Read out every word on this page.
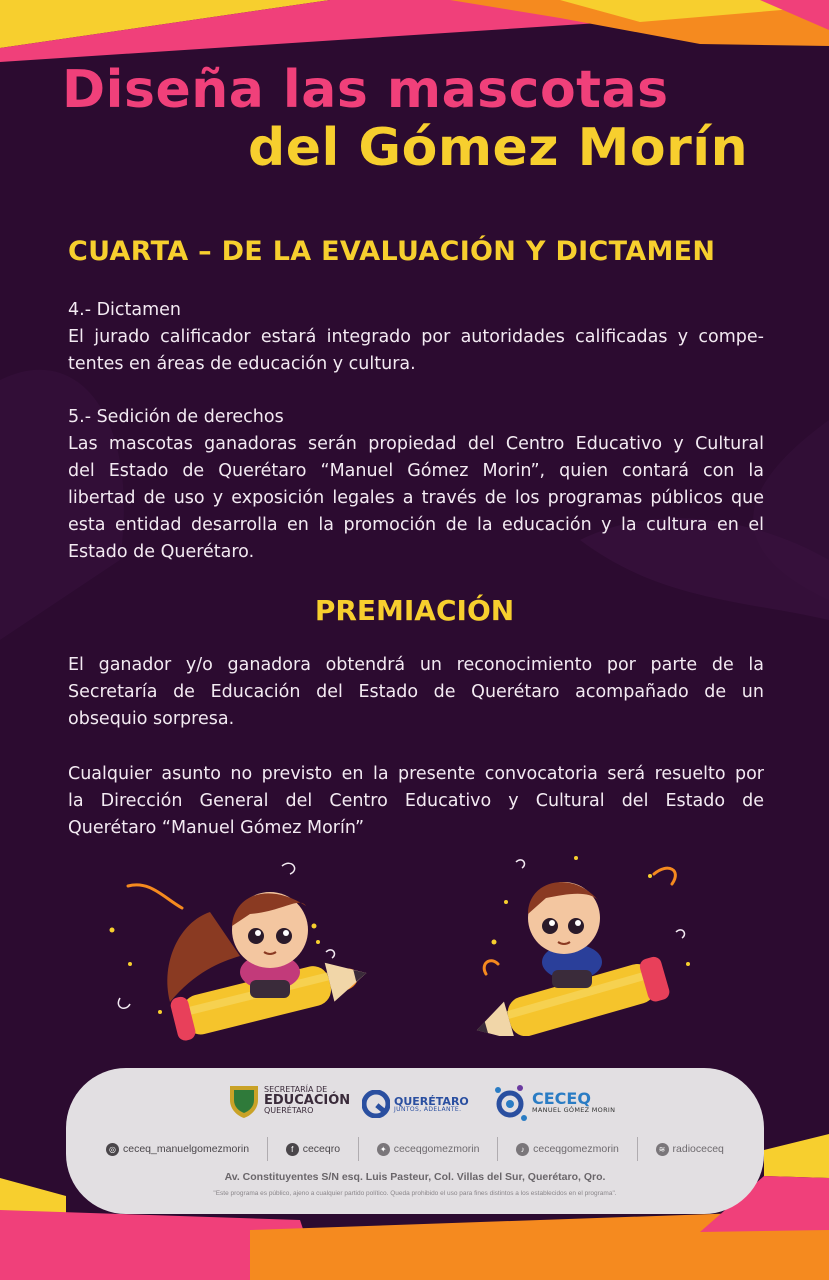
Diseña las mascotas
del Gómez Morín
CUARTA – DE LA EVALUACIÓN Y DICTAMEN
4.- Dictamen
El jurado calificador estará integrado por autoridades calificadas y compe-
tentes en áreas de educación y cultura.
5.- Sedición de derechos
Las mascotas ganadoras serán propiedad del Centro Educativo y Cultural
del Estado de Querétaro “Manuel Gómez Morin”, quien contará con la
libertad de uso y exposición legales a través de los programas públicos que
esta entidad desarrolla en la promoción de la educación y la cultura en el
Estado de Querétaro.
PREMIACIÓN
El ganador y/o ganadora obtendrá un reconocimiento por parte de la
Secretaría de Educación del Estado de Querétaro acompañado de un
obsequio sorpresa.
Cualquier asunto no previsto en la presente convocatoria será resuelto por
la Dirección General del Centro Educativo y Cultural del Estado de
Querétaro “Manuel Gómez Morín”
SECRETARÍA DE
EDUCACIÓN
QUERÉTARO
QUERÉTARO
JUNTOS, ADELANTE.
CECEQ
MANUEL GÓMEZ MORIN
◎ ceceq_manuelgomezmorin	f ceceqro	✦ ceceqgomezmorin	♪ ceceqgomezmorin	≋ radioceceq
Av. Constituyentes S/N esq. Luis Pasteur, Col. Villas del Sur, Querétaro, Qro.
"Este programa es público, ajeno a cualquier partido político. Queda prohibido el uso para fines distintos a los establecidos en el programa".
